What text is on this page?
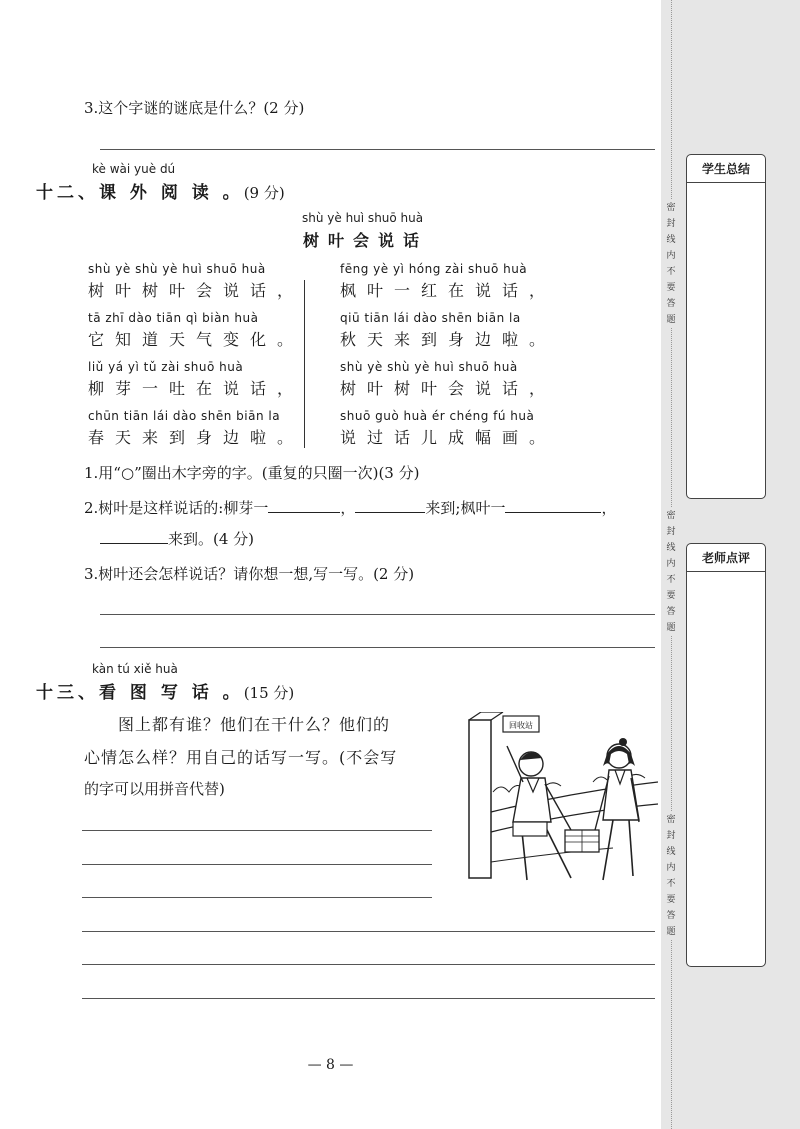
学生总结
老师点评
密
封
线
内
不
要
答
题
密
封
线
内
不
要
答
题
密
封
线
内
不
要
答
题
3.这个字谜的谜底是什么？(2 分)
kè wài yuè dú
十二、课 外 阅 读 。(9 分)
shù yè huì shuō huà
树叶会说话
shù yè shù yè huì shuō huà
树叶树叶会说话，
tā zhī dào tiān qì biàn huà
它知道天气变化。
liǔ yá yì tǔ zài shuō huà
柳芽一吐在说话，
chūn tiān lái dào shēn biān la
春天来到身边啦。
fēng yè yì hóng zài shuō huà
枫叶一红在说话，
qiū tiān lái dào shēn biān la
秋天来到身边啦。
shù yè shù yè huì shuō huà
树叶树叶会说话，
shuō guò huà ér chéng fú huà
说过话儿成幅画。
1.用“○”圈出木字旁的字。(重复的只圈一次)(3 分)
2.树叶是这样说话的:柳芽一	，	来到;枫叶一	，
来到。(4 分)
3.树叶还会怎样说话？请你想一想,写一写。(2 分)
kàn tú xiě huà
十三、看 图 写 话 。(15 分)
图上都有谁？他们在干什么？他们的
心情怎么样？用自己的话写一写。(不会写
的字可以用拼音代替)
回收站
— 8 —
